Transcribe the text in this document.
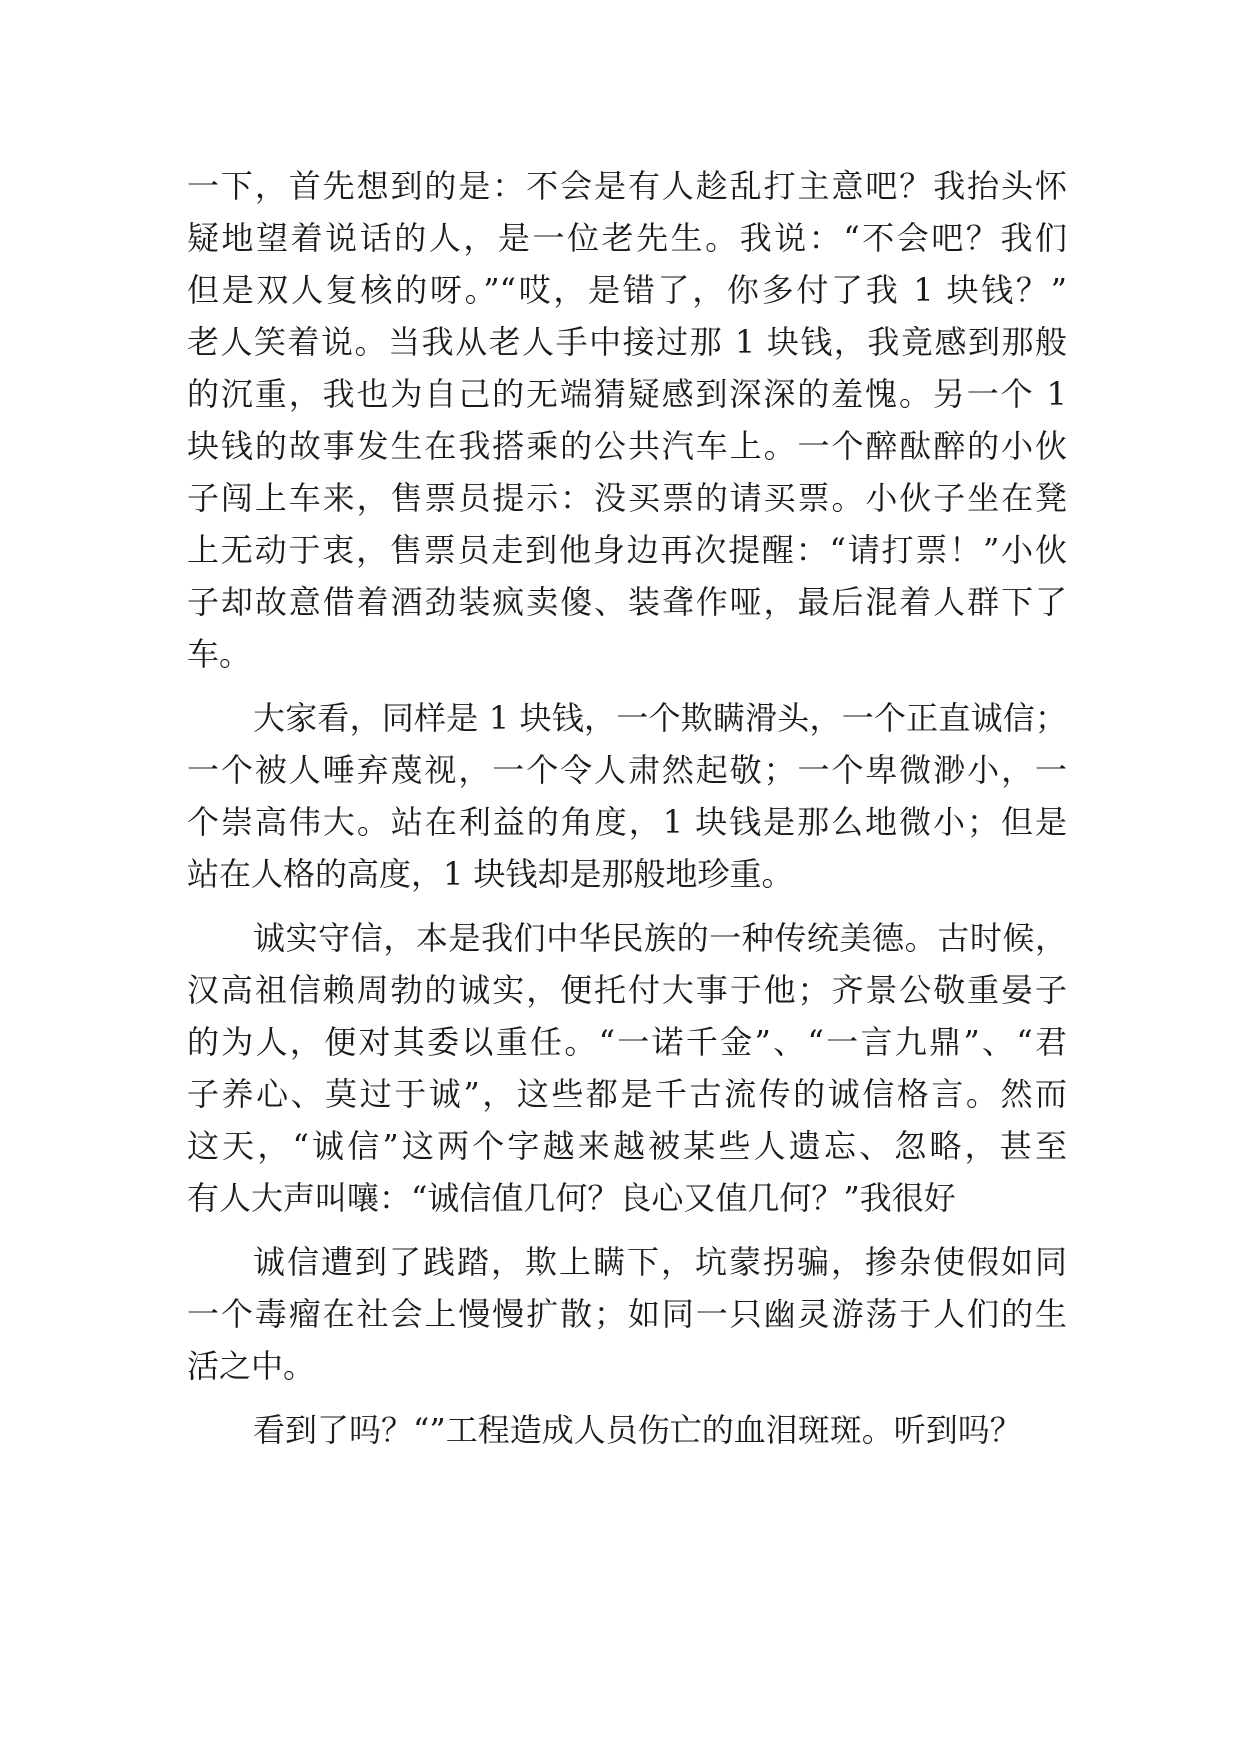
一下，首先想到的是：不会是有人趁乱打主意吧？我抬头怀
疑地望着说话的人，是一位老先生。我说：“不会吧？我们
但是双人复核的呀。”“哎，是错了，你多付了我 1 块钱？”
老人笑着说。当我从老人手中接过那 1 块钱，我竟感到那般
的沉重，我也为自己的无端猜疑感到深深的羞愧。另一个 1
块钱的故事发生在我搭乘的公共汽车上。一个醉酞醉的小伙
子闯上车来，售票员提示：没买票的请买票。小伙子坐在凳
上无动于衷，售票员走到他身边再次提醒：“请打票！”小伙
子却故意借着酒劲装疯卖傻、装聋作哑，最后混着人群下了
车。
大家看，同样是 1 块钱，一个欺瞒滑头，一个正直诚信；
一个被人唾弃蔑视，一个令人肃然起敬；一个卑微渺小，一
个崇高伟大。站在利益的角度，1 块钱是那么地微小；但是
站在人格的高度，1 块钱却是那般地珍重。
诚实守信，本是我们中华民族的一种传统美德。古时候，
汉高祖信赖周勃的诚实，便托付大事于他；齐景公敬重晏子
的为人，便对其委以重任。“一诺千金”、“一言九鼎”、“君
子养心、莫过于诚”，这些都是千古流传的诚信格言。然而
这天，“诚信”这两个字越来越被某些人遗忘、忽略，甚至
有人大声叫嚷：“诚信值几何？良心又值几何？”我很好
诚信遭到了践踏，欺上瞒下，坑蒙拐骗，掺杂使假如同
一个毒瘤在社会上慢慢扩散；如同一只幽灵游荡于人们的生
活之中。
看到了吗？“”工程造成人员伤亡的血泪斑斑。听到吗？
